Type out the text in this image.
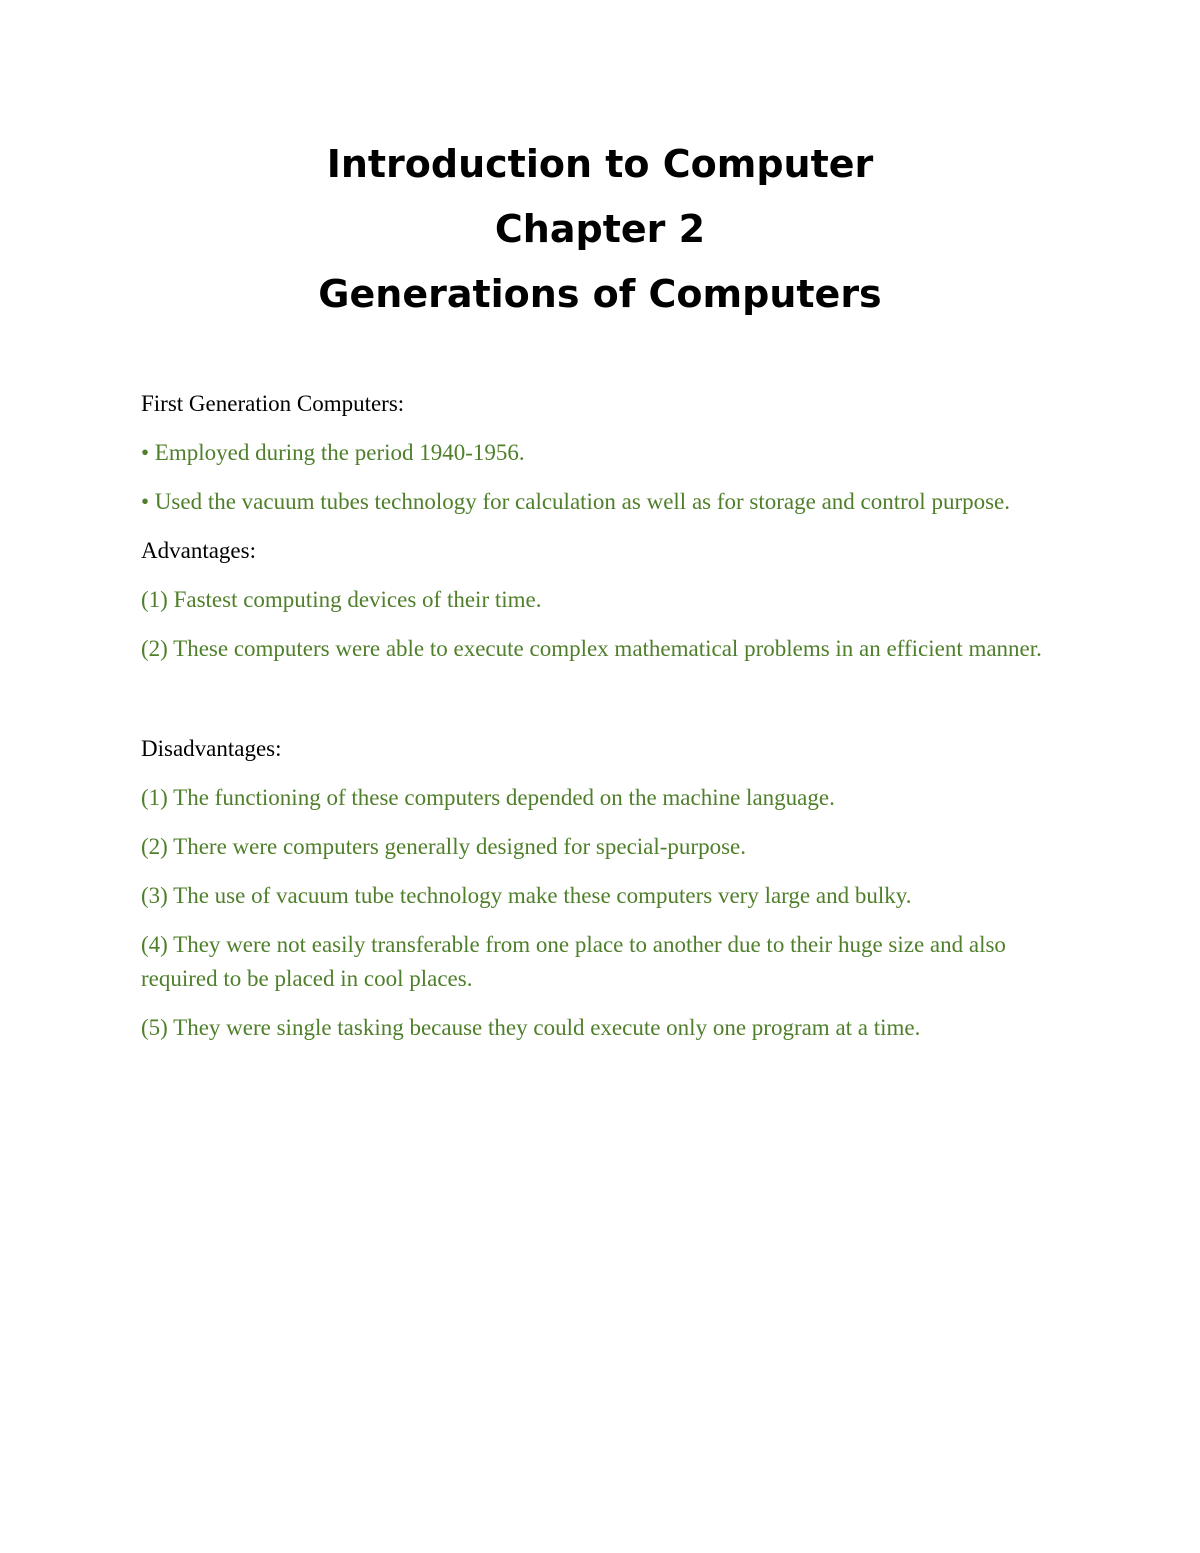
Introduction to Computer
Chapter 2
Generations of Computers

First Generation Computers:

• Employed during the period 1940-1956.

• Used the vacuum tubes technology for calculation as well as for storage and control purpose.

Advantages:

(1) Fastest computing devices of their time.

(2) These computers were able to execute complex mathematical problems in an efficient manner.

Disadvantages:

(1) The functioning of these computers depended on the machine language.

(2) There were computers generally designed for special-purpose.

(3) The use of vacuum tube technology make these computers very large and bulky.

(4) They were not easily transferable from one place to another due to their huge size and also required to be placed in cool places.

(5) They were single tasking because they could execute only one program at a time.
